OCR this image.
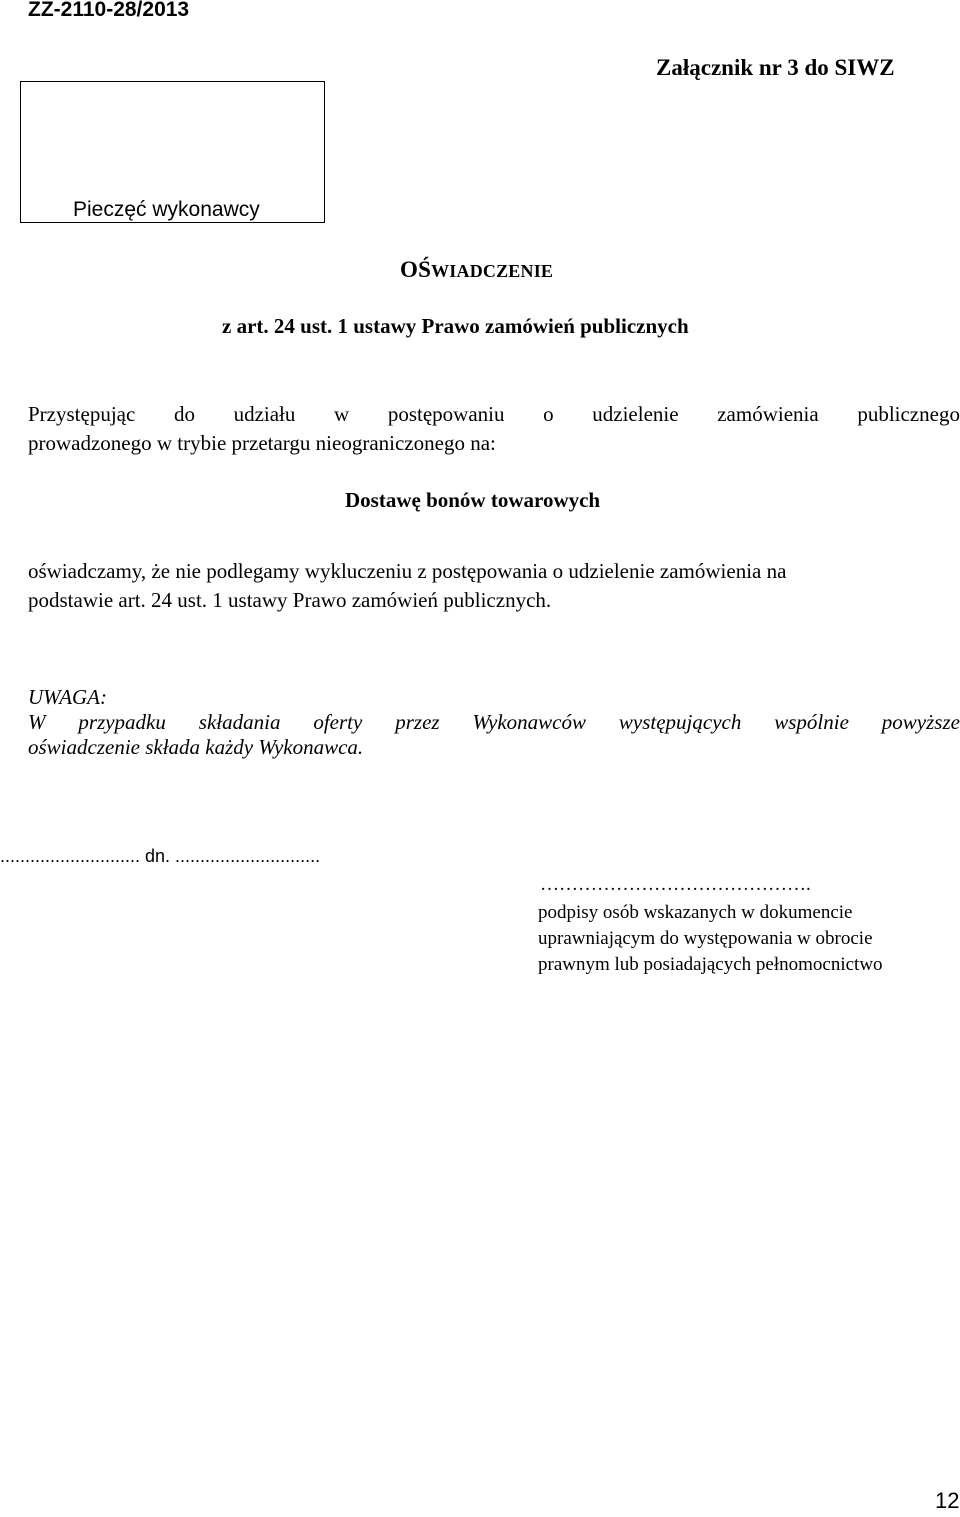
ZZ-2110-28/2013
Załącznik nr 3 do SIWZ
Pieczęć wykonawcy
OŚWIADCZENIE
z art. 24 ust. 1 ustawy Prawo zamówień publicznych
Przystępując do udziału w postępowaniu o udzielenie zamówienia publicznego
prowadzonego w trybie przetargu nieograniczonego na:
Dostawę bonów towarowych
oświadczamy, że nie podlegamy wykluczeniu z postępowania o udzielenie zamówienia na
podstawie art. 24 ust. 1 ustawy Prawo zamówień publicznych.
UWAGA:
W przypadku składania oferty przez Wykonawców występujących wspólnie powyższe
oświadczenie składa każdy Wykonawca.
............................ dn. .............................
…………………………………….
podpisy osób wskazanych w dokumencie
uprawniającym do występowania w obrocie
prawnym lub posiadających pełnomocnictwo
12
